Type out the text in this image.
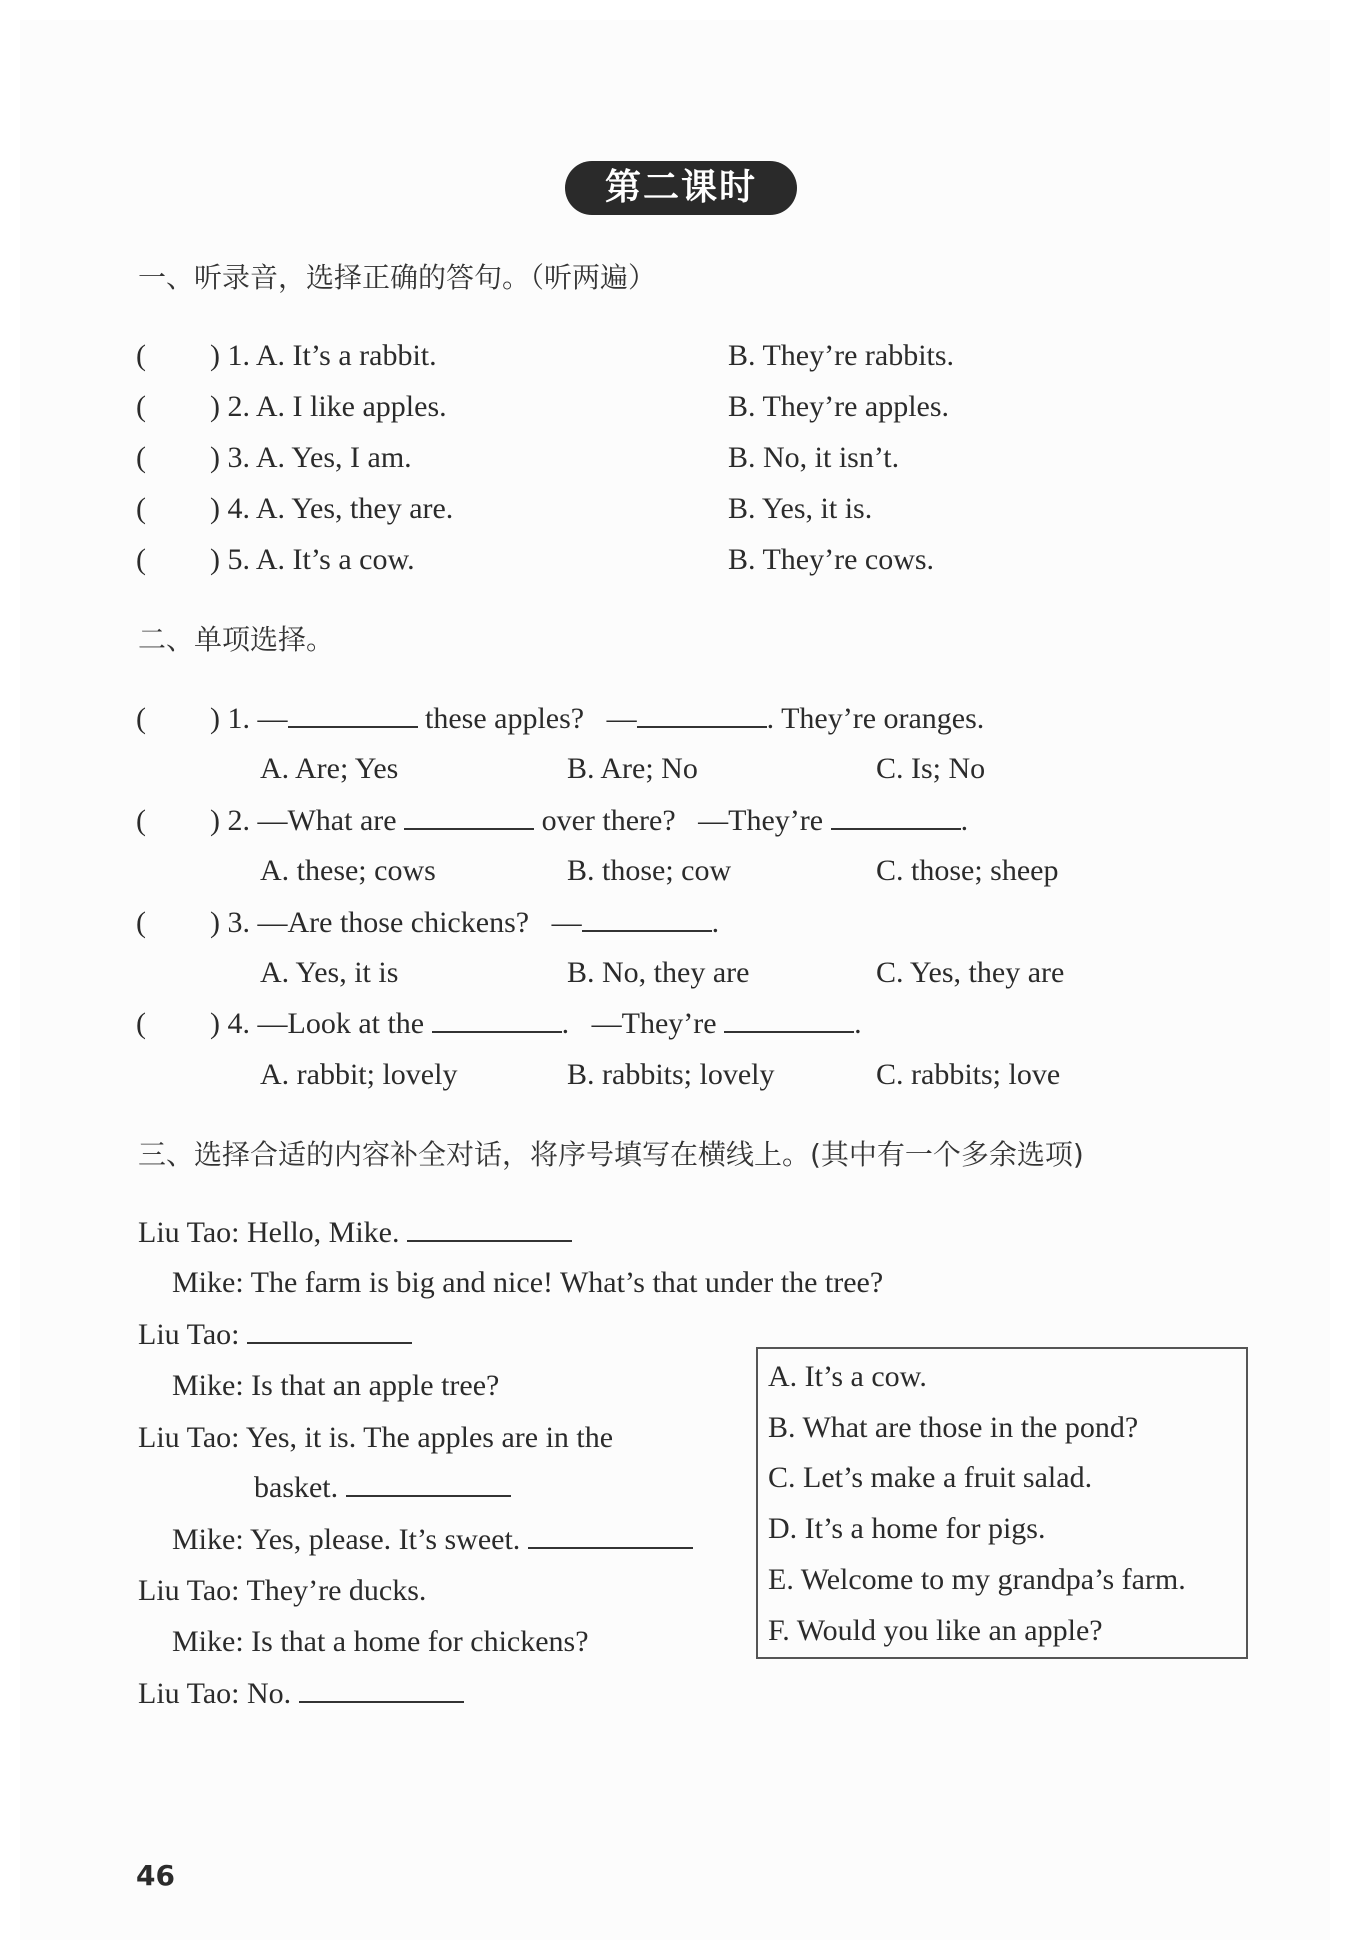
第二课时
一、听录音，选择正确的答句。（听两遍）
( ) 1. A. It’s a rabbit.	B. They’re rabbits.
( ) 2. A. I like apples.	B. They’re apples.
( ) 3. A. Yes, I am.	B. No, it isn’t.
( ) 4. A. Yes, they are.	B. Yes, it is.
( ) 5. A. It’s a cow.	B. They’re cows.
二、单项选择。
( ) 1. —	these apples? —	. They’re oranges.
A. Are; Yes	B. Are; No	C. Is; No
( ) 2. —What are	over there? —They’re	.
A. these; cows	B. those; cow	C. those; sheep
( ) 3. —Are those chickens? —	.
A. Yes, it is	B. No, they are	C. Yes, they are
( ) 4. —Look at the	. —They’re	.
A. rabbit; lovely	B. rabbits; lovely	C. rabbits; love
三、选择合适的内容补全对话，将序号填写在横线上。(其中有一个多余选项)
Liu Tao: Hello, Mike.
Mike: The farm is big and nice! What’s that under the tree?
Liu Tao:
Mike: Is that an apple tree?
Liu Tao: Yes, it is. The apples are in the
basket.
Mike: Yes, please. It’s sweet.
Liu Tao: They’re ducks.
Mike: Is that a home for chickens?
Liu Tao: No.
A. It’s a cow.
B. What are those in the pond?
C. Let’s make a fruit salad.
D. It’s a home for pigs.
E. Welcome to my grandpa’s farm.
F. Would you like an apple?
46
